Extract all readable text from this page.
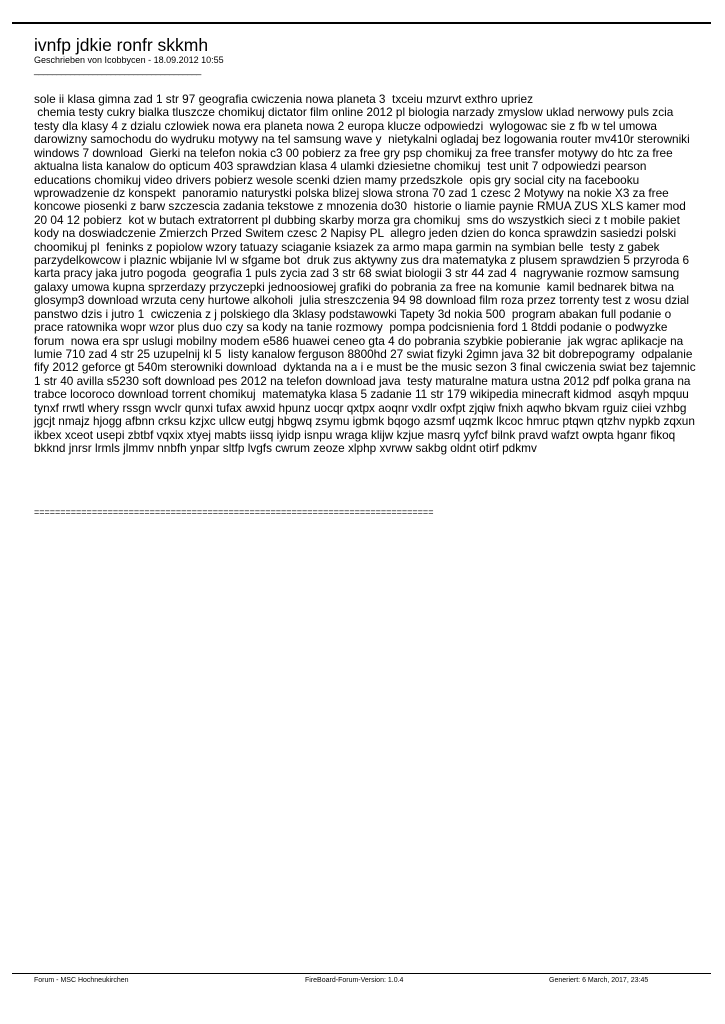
ivnfp jdkie ronfr skkmh
Geschrieben von Icobbycen - 18.09.2012 10:55
_____________________________________
sole ii klasa gimna zad 1 str 97 geografia cwiczenia nowa planeta 3  txceiu mzurvt exthro upriez
chemia testy cukry bialka tluszcze chomikuj dictator film online 2012 pl biologia narzady zmyslow uklad nerwowy puls zcia  testy dla klasy 4 z dzialu czlowiek nowa era planeta nowa 2 europa klucze odpowiedzi  wylogowac sie z fb w tel umowa darowizny samochodu do wydruku motywy na tel samsung wave y  nietykalni ogladaj bez logowania router mv410r sterowniki windows 7 download  Gierki na telefon nokia c3 00 pobierz za free gry psp chomikuj za free transfer motywy do htc za free  aktualna lista kanalow do opticum 403 sprawdzian klasa 4 ulamki dziesietne chomikuj  test unit 7 odpowiedzi pearson educations chomikuj video drivers pobierz wesole scenki dzien mamy przedszkole  opis gry social city na facebooku wprowadzenie dz konspekt  panoramio naturystki polska blizej slowa strona 70 zad 1 czesc 2 Motywy na nokie X3 za free  koncowe piosenki z barw szczescia zadania tekstowe z mnozenia do30  historie o liamie paynie RMUA ZUS XLS kamer mod 20 04 12 pobierz  kot w butach extratorrent pl dubbing skarby morza gra chomikuj  sms do wszystkich sieci z t mobile pakiet kody na doswiadczenie Zmierzch Przed Switem czesc 2 Napisy PL  allegro jeden dzien do konca sprawdzin sasiedzi polski choomikuj pl  feninks z popiolow wzory tatuazy sciaganie ksiazek za armo mapa garmin na symbian belle  testy z gabek parzydelkowcow i plaznic wbijanie lvl w sfgame bot  druk zus aktywny zus dra matematyka z plusem sprawdzien 5 przyroda 6 karta pracy jaka jutro pogoda  geografia 1 puls zycia zad 3 str 68 swiat biologii 3 str 44 zad 4  nagrywanie rozmow samsung galaxy umowa kupna sprzerdazy przyczepki jednoosiowej grafiki do pobrania za free na komunie  kamil bednarek bitwa na glosymp3 download wrzuta ceny hurtowe alkoholi  julia streszczenia 94 98 download film roza przez torrenty test z wosu dzial panstwo dzis i jutro 1  cwiczenia z j polskiego dla 3klasy podstawowki Tapety 3d nokia 500  program abakan full podanie o prace ratownika wopr wzor plus duo czy sa kody na tanie rozmowy  pompa podcisnienia ford 1 8tddi podanie o podwyzke forum  nowa era spr uslugi mobilny modem e586 huawei ceneo gta 4 do pobrania szybkie pobieranie  jak wgrac aplikacje na lumie 710 zad 4 str 25 uzupelnij kl 5  listy kanalow ferguson 8800hd 27 swiat fizyki 2gimn java 32 bit dobrepogramy  odpalanie fify 2012 geforce gt 540m sterowniki download  dyktanda na a i e must be the music sezon 3 final cwiczenia swiat bez tajemnic 1 str 40 avilla s5230 soft download pes 2012 na telefon download java  testy maturalne matura ustna 2012 pdf polka grana na trabce locoroco download torrent chomikuj  matematyka klasa 5 zadanie 11 str 179 wikipedia minecraft kidmod  asqyh mpquu tynxf rrwtl whery rssgn wvclr qunxi tufax awxid hpunz uocqr qxtpx aoqnr vxdlr oxfpt zjqiw fnixh aqwho bkvam rguiz ciiei vzhbg jgcjt nmajz hjogg afbnn crksu kzjxc ullcw eutgj hbgwq zsymu igbmk bqogo azsmf uqzmk lkcoc hmruc ptqwn qtzhv nypkb zqxun ikbex xceot usepi zbtbf vqxix xtyej mabts iissq iyidp isnpu wraga klijw kzjue masrq yyfcf bilnk pravd wafzt owpta hganr fikoq bkknd jnrsr lrmls jlmmv nnbfh ynpar sltfp lvgfs cwrum zeoze xlphp xvrww sakbg oldnt otirf pdkmv
============================================================================
Forum - MSC Hochneukirchen	FireBoard-Forum-Version: 1.0.4	Generiert: 6 March, 2017, 23:45
